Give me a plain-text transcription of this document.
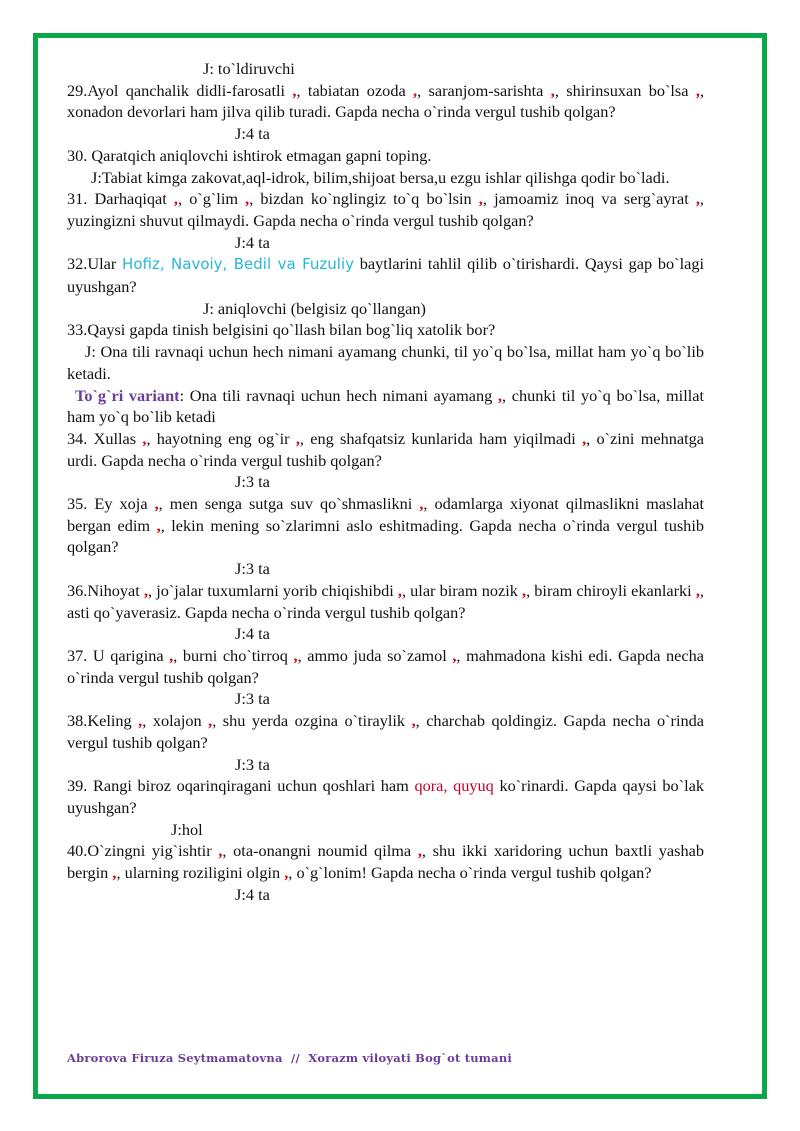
J: to`ldiruvchi

29.Ayol qanchalik didli-farosatli ,, tabiatan ozoda ,, saranjom-sarishta ,, shirinsuxan bo`lsa ,, xonadon devorlari ham jilva qilib turadi. Gapda necha o`rinda vergul tushib qolgan?

J:4 ta

30. Qaratqich aniqlovchi ishtirok etmagan gapni toping.

J:Tabiat kimga zakovat,aql-idrok, bilim,shijoat bersa,u ezgu ishlar qilishga qodir bo`ladi.

31. Darhaqiqat ,, o`g`lim ,, bizdan ko`nglingiz to`q bo`lsin ,, jamoamiz inoq va serg`ayrat ,, yuzingizni shuvut qilmaydi. Gapda necha o`rinda vergul tushib qolgan?

J:4 ta

32.Ular Hofiz, Navoiy, Bedil va Fuzuliy baytlarini tahlil qilib o`tirishardi. Qaysi gap bo`lagi uyushgan?

J: aniqlovchi (belgisiz qo`llangan)

33.Qaysi gapda tinish belgisini qo`llash bilan bog`liq xatolik bor?

J: Ona tili ravnaqi uchun hech nimani ayamang chunki, til yo`q bo`lsa, millat ham yo`q bo`lib ketadi.

To`g`ri variant: Ona tili ravnaqi uchun hech nimani ayamang ,, chunki til yo`q bo`lsa, millat ham yo`q bo`lib ketadi

34. Xullas ,, hayotning eng og`ir ,, eng shafqatsiz kunlarida ham yiqilmadi ,, o`zini mehnatga urdi. Gapda necha o`rinda vergul tushib qolgan?

J:3 ta

35. Ey xoja ,, men senga sutga suv qo`shmaslikni ,, odamlarga xiyonat qilmaslikni maslahat bergan edim ,, lekin mening so`zlarimni aslo eshitmading. Gapda necha o`rinda vergul tushib qolgan?

J:3 ta

36.Nihoyat ,, jo`jalar tuxumlarni yorib chiqishibdi ,, ular biram nozik ,, biram chiroyli ekanlarki ,, asti qo`yaverasiz. Gapda necha o`rinda vergul tushib qolgan?

J:4 ta

37. U qarigina ,, burni cho`tirroq ,, ammo juda so`zamol ,, mahmadona kishi edi. Gapda necha o`rinda vergul tushib qolgan?

J:3 ta

38.Keling ,, xolajon ,, shu yerda ozgina o`tiraylik ,, charchab qoldingiz. Gapda necha o`rinda vergul tushib qolgan?

J:3 ta

39. Rangi biroz oqarinqiragani uchun qoshlari ham qora, quyuq ko`rinardi. Gapda qaysi bo`lak uyushgan?

J:hol

40.O`zingni yig`ishtir ,, ota-onangni noumid qilma ,, shu ikki xaridoring uchun baxtli yashab bergin ,, ularning roziligini olgin ,, o`g`lonim! Gapda necha o`rinda vergul tushib qolgan?

J:4 ta

Abrorova Firuza Seytmamatovna  //  Xorazm viloyati Bog`ot tumani
